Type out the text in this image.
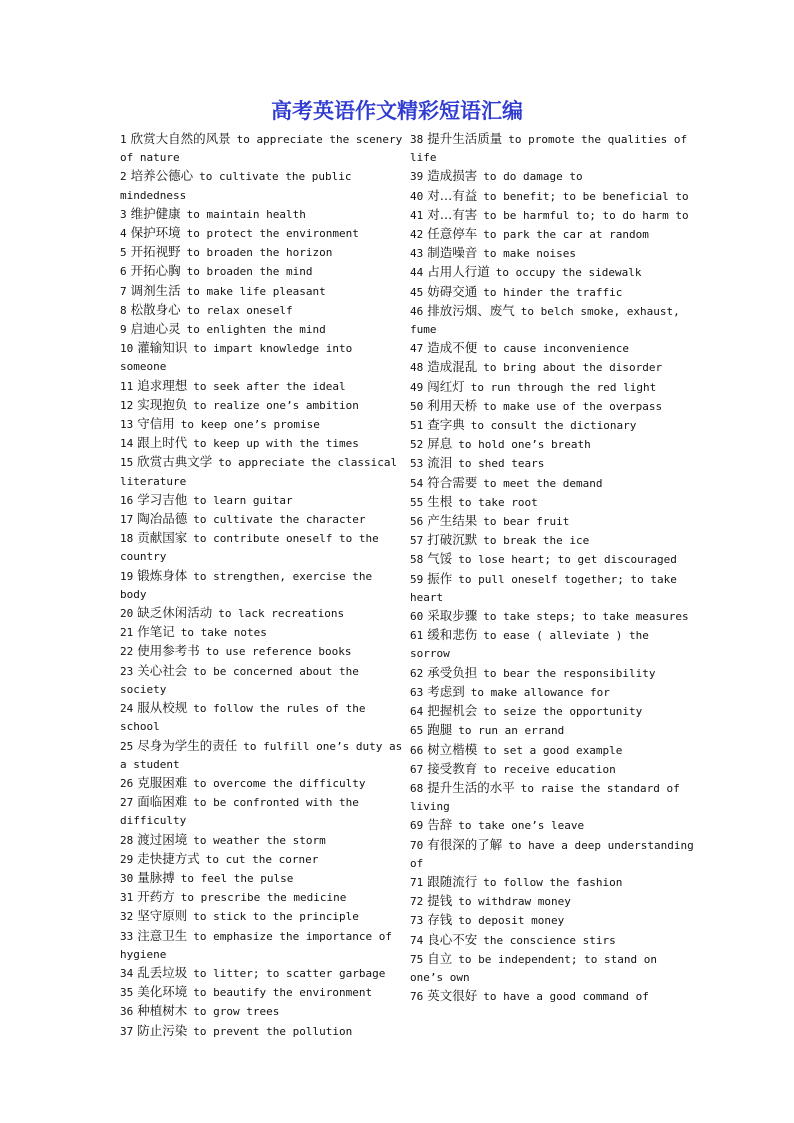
高考英语作文精彩短语汇编
1 欣赏大自然的风景 to appreciate the scenery of nature
2 培养公德心 to cultivate the public mindedness
3 维护健康 to maintain health
4 保护环境 to protect the environment
5 开拓视野 to broaden the horizon
6 开拓心胸 to broaden the mind
7 调剂生活 to make life pleasant
8 松散身心 to relax oneself
9 启迪心灵 to enlighten the mind
10 灌输知识 to impart knowledge into someone
11 追求理想 to seek after the ideal
12 实现抱负 to realize one’s ambition
13 守信用 to keep one’s promise
14 跟上时代 to keep up with the times
15 欣赏古典文学 to appreciate the classical literature
16 学习吉他 to learn guitar
17 陶冶品德 to cultivate the character
18 贡献国家 to contribute oneself to the country
19 锻炼身体 to strengthen, exercise the body
20 缺乏休闲活动 to lack recreations
21 作笔记 to take notes
22 使用参考书 to use reference books
23 关心社会 to be concerned about the society
24 服从校规 to follow the rules of the school
25 尽身为学生的责任 to fulfill one’s duty as a student
26 克服困难 to overcome the difficulty
27 面临困难 to be confronted with the difficulty
28 渡过困境 to weather the storm
29 走快捷方式 to cut the corner
30 量脉搏 to feel the pulse
31 开药方 to prescribe the medicine
32 坚守原则 to stick to the principle
33 注意卫生 to emphasize the importance of hygiene
34 乱丢垃圾 to litter; to scatter garbage
35 美化环境 to beautify the environment
36 种植树木 to grow trees
37 防止污染 to prevent the pollution
38 提升生活质量 to promote the qualities of life
39 造成损害 to do damage to
40 对…有益 to benefit; to be beneficial to
41 对…有害 to be harmful to; to do harm to
42 任意停车 to park the car at random
43 制造噪音 to make noises
44 占用人行道 to occupy the sidewalk
45 妨碍交通 to hinder the traffic
46 排放污烟、废气 to belch smoke, exhaust, fume
47 造成不便 to cause inconvenience
48 造成混乱 to bring about the disorder
49 闯红灯 to run through the red light
50 利用天桥 to make use of the overpass
51 查字典 to consult the dictionary
52 屏息 to hold one’s breath
53 流泪 to shed tears
54 符合需要 to meet the demand
55 生根 to take root
56 产生结果 to bear fruit
57 打破沉默 to break the ice
58 气馁 to lose heart; to get discouraged
59 振作 to pull oneself together; to take heart
60 采取步骤 to take steps; to take measures
61 缓和悲伤 to ease ( alleviate ) the sorrow
62 承受负担 to bear the responsibility
63 考虑到 to make allowance for
64 把握机会 to seize the opportunity
65 跑腿 to run an errand
66 树立楷模 to set a good example
67 接受教育 to receive education
68 提升生活的水平 to raise the standard of living
69 告辞 to take one’s leave
70 有很深的了解 to have a deep understanding of
71 跟随流行 to follow the fashion
72 提钱 to withdraw money
73 存钱 to deposit money
74 良心不安 the conscience stirs
75 自立 to be independent; to stand on one’s own
76 英文很好 to have a good command of
